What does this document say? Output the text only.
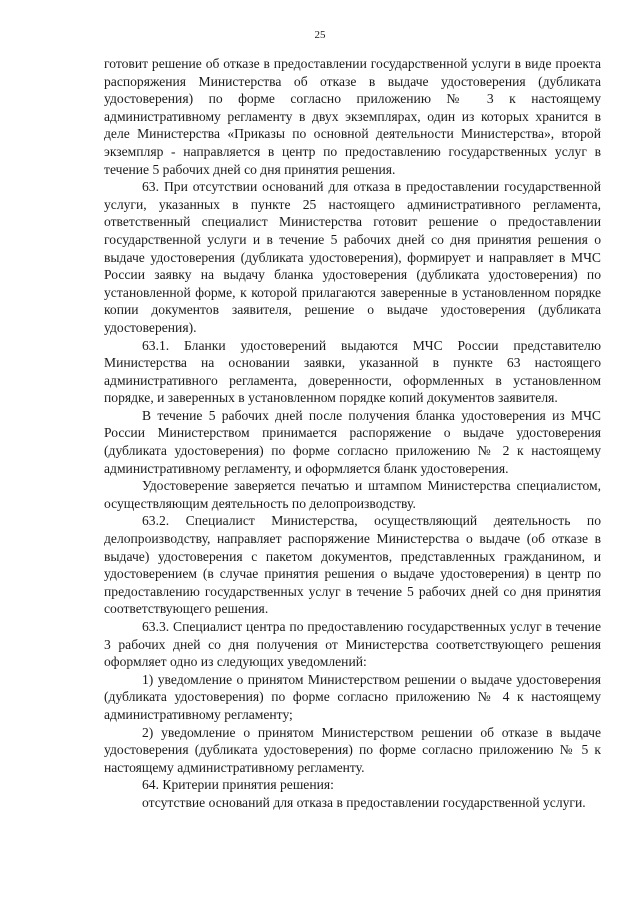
25

готовит решение об отказе в предоставлении государственной услуги в виде проекта распоряжения Министерства об отказе в выдаче удостоверения (дубликата удостоверения) по форме согласно приложению № 3 к настоящему административному регламенту в двух экземплярах, один из которых хранится в деле Министерства «Приказы по основной деятельности Министерства», второй экземпляр - направляется в центр по предоставлению государственных услуг в течение 5 рабочих дней со дня принятия решения.

63. При отсутствии оснований для отказа в предоставлении государственной услуги, указанных в пункте 25 настоящего административного регламента, ответственный специалист Министерства готовит решение о предоставлении государственной услуги и в течение 5 рабочих дней со дня принятия решения о выдаче удостоверения (дубликата удостоверения), формирует и направляет в МЧС России заявку на выдачу бланка удостоверения (дубликата удостоверения) по установленной форме, к которой прилагаются заверенные в установленном порядке копии документов заявителя, решение о выдаче удостоверения (дубликата удостоверения).

63.1. Бланки удостоверений выдаются МЧС России представителю Министерства на основании заявки, указанной в пункте 63 настоящего административного регламента, доверенности, оформленных в установленном порядке, и заверенных в установленном порядке копий документов заявителя.

В течение 5 рабочих дней после получения бланка удостоверения из МЧС России Министерством принимается распоряжение о выдаче удостоверения (дубликата удостоверения) по форме согласно приложению № 2 к настоящему административному регламенту, и оформляется бланк удостоверения.

Удостоверение заверяется печатью и штампом Министерства специалистом, осуществляющим деятельность по делопроизводству.

63.2. Специалист Министерства, осуществляющий деятельность по делопроизводству, направляет распоряжение Министерства о выдаче (об отказе в выдаче) удостоверения с пакетом документов, представленных гражданином, и удостоверением (в случае принятия решения о выдаче удостоверения) в центр по предоставлению государственных услуг в течение 5 рабочих дней со дня принятия соответствующего решения.

63.3. Специалист центра по предоставлению государственных услуг в течение 3 рабочих дней со дня получения от Министерства соответствующего решения оформляет одно из следующих уведомлений:

1) уведомление о принятом Министерством решении о выдаче удостоверения (дубликата удостоверения) по форме согласно приложению № 4 к настоящему административному регламенту;

2) уведомление о принятом Министерством решении об отказе в выдаче удостоверения (дубликата удостоверения) по форме согласно приложению № 5 к настоящему административному регламенту.

64. Критерии принятия решения:

отсутствие оснований для отказа в предоставлении государственной услуги.
